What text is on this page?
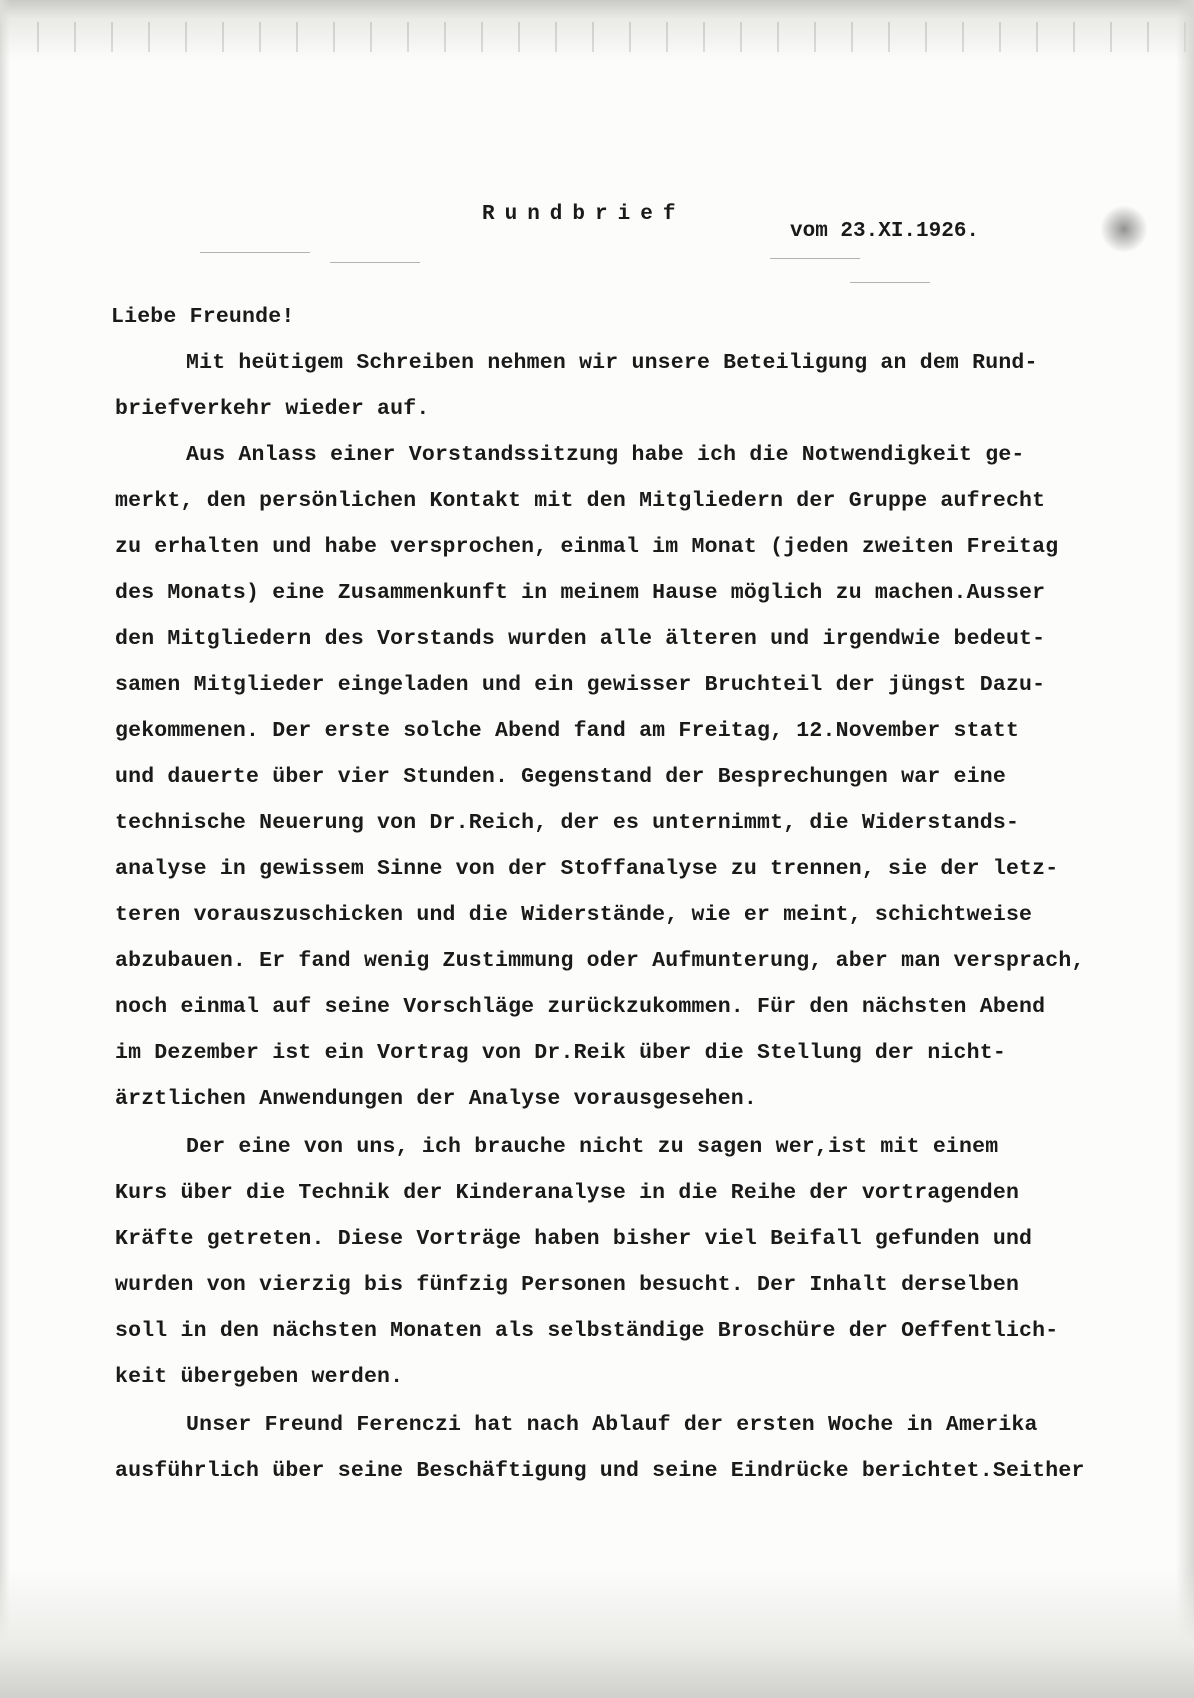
Rundbrief
vom 23.XI.1926.
Liebe Freunde!
Mit heütigem Schreiben nehmen wir unsere Beteiligung an dem Rund-
briefverkehr wieder auf.
Aus Anlass einer Vorstandssitzung habe ich die Notwendigkeit ge-
merkt, den persönlichen Kontakt mit den Mitgliedern der Gruppe aufrecht
zu erhalten und habe versprochen, einmal im Monat (jeden zweiten Freitag
des Monats) eine Zusammenkunft in meinem Hause möglich zu machen.Ausser
den Mitgliedern des Vorstands wurden alle älteren und irgendwie bedeut-
samen Mitglieder eingeladen und ein gewisser Bruchteil der jüngst Dazu-
gekommenen. Der erste solche Abend fand am Freitag, 12.November statt
und dauerte über vier Stunden. Gegenstand der Besprechungen war eine
technische Neuerung von Dr.Reich, der es unternimmt, die Widerstands-
analyse in gewissem Sinne von der Stoffanalyse zu trennen, sie der letz-
teren vorauszuschicken und die Widerstände, wie er meint, schichtweise
abzubauen. Er fand wenig Zustimmung oder Aufmunterung, aber man versprach,
noch einmal auf seine Vorschläge zurückzukommen. Für den nächsten Abend
im Dezember ist ein Vortrag von Dr.Reik über die Stellung der nicht-
ärztlichen Anwendungen der Analyse vorausgesehen.
Der eine von uns, ich brauche nicht zu sagen wer,ist mit einem
Kurs über die Technik der Kinderanalyse in die Reihe der vortragenden
Kräfte getreten. Diese Vorträge haben bisher viel Beifall gefunden und
wurden von vierzig bis fünfzig Personen besucht. Der Inhalt derselben
soll in den nächsten Monaten als selbständige Broschüre der Oeffentlich-
keit übergeben werden.
Unser Freund Ferenczi hat nach Ablauf der ersten Woche in Amerika
ausführlich über seine Beschäftigung und seine Eindrücke berichtet.Seither
